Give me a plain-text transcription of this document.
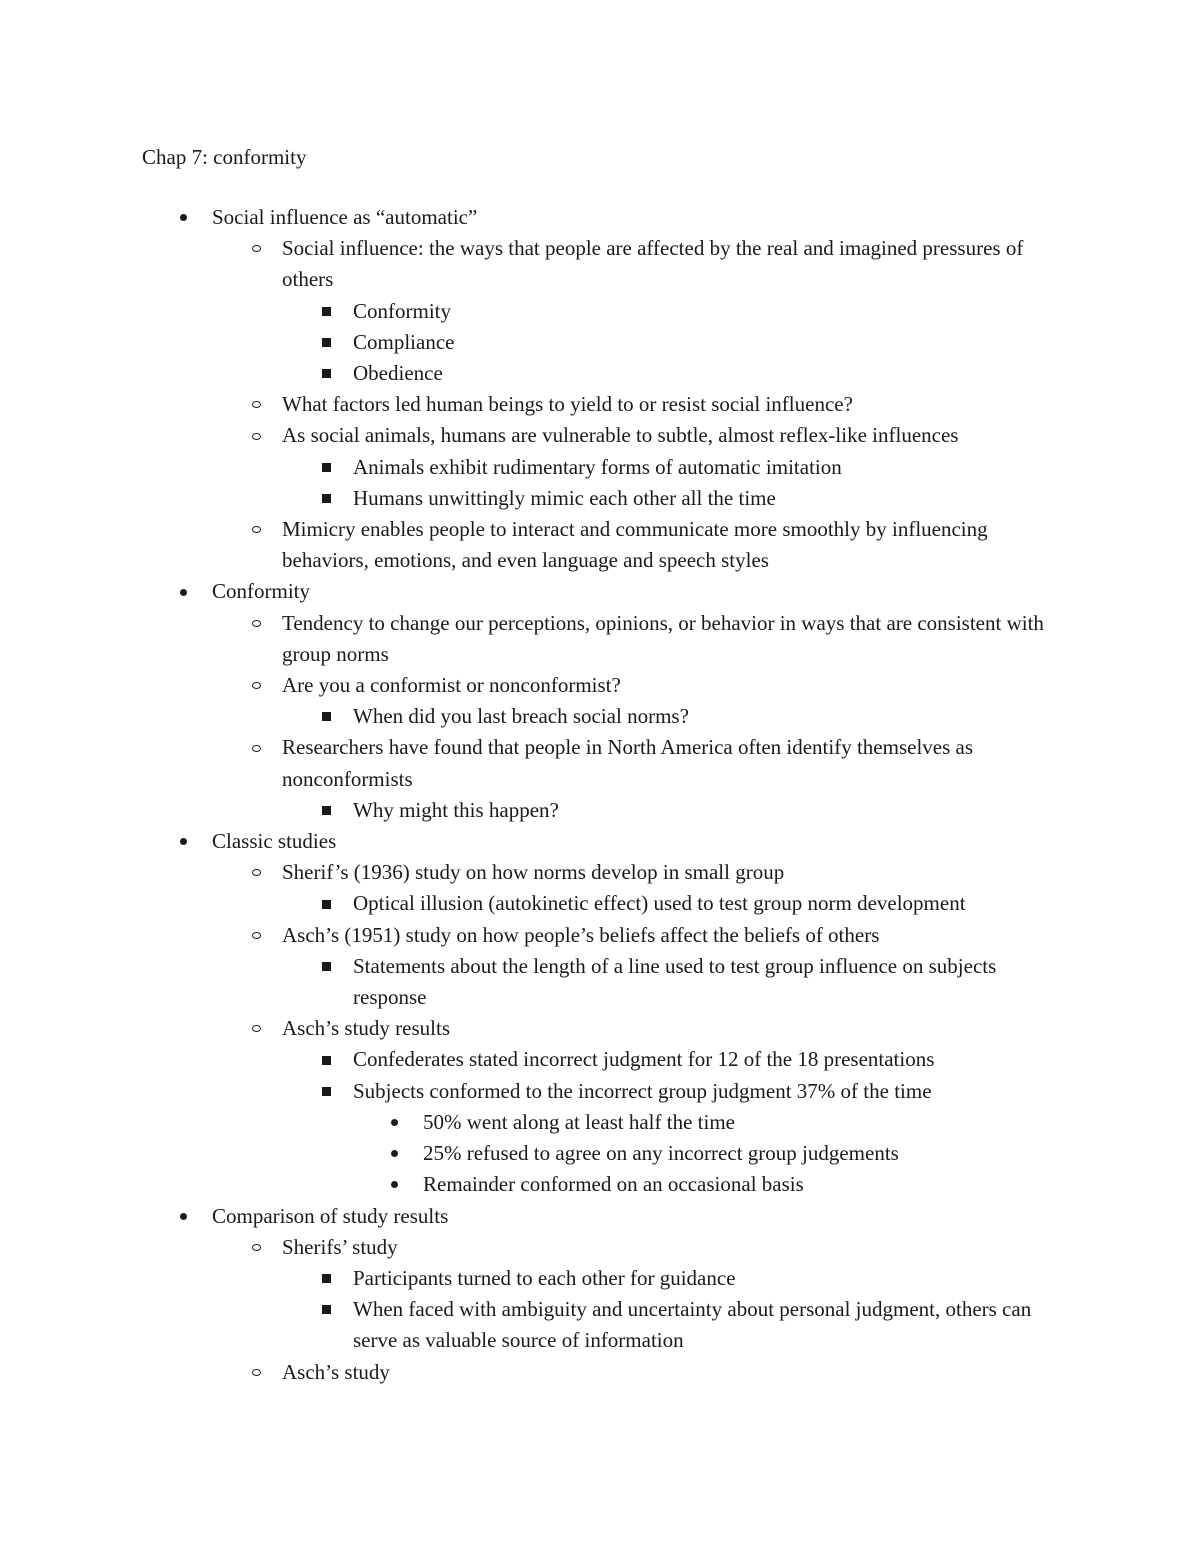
Chap 7: conformity
Social influence as “automatic”
Social influence: the ways that people are affected by the real and imagined pressures of others
Conformity
Compliance
Obedience
What factors led human beings to yield to or resist social influence?
As social animals, humans are vulnerable to subtle, almost reflex-like influences
Animals exhibit rudimentary forms of automatic imitation
Humans unwittingly mimic each other all the time
Mimicry enables people to interact and communicate more smoothly by influencing behaviors, emotions, and even language and speech styles
Conformity
Tendency to change our perceptions, opinions, or behavior in ways that are consistent with group norms
Are you a conformist or nonconformist?
When did you last breach social norms?
Researchers have found that people in North America often identify themselves as nonconformists
Why might this happen?
Classic studies
Sherif’s (1936) study on how norms develop in small group
Optical illusion (autokinetic effect) used to test group norm development
Asch’s (1951) study on how people’s beliefs affect the beliefs of others
Statements about the length of a line used to test group influence on subjects response
Asch’s study results
Confederates stated incorrect judgment for 12 of the 18 presentations
Subjects conformed to the incorrect group judgment 37% of the time
50% went along at least half the time
25% refused to agree on any incorrect group judgements
Remainder conformed on an occasional basis
Comparison of study results
Sherifs’ study
Participants turned to each other for guidance
When faced with ambiguity and uncertainty about personal judgment, others can serve as valuable source of information
Asch’s study
